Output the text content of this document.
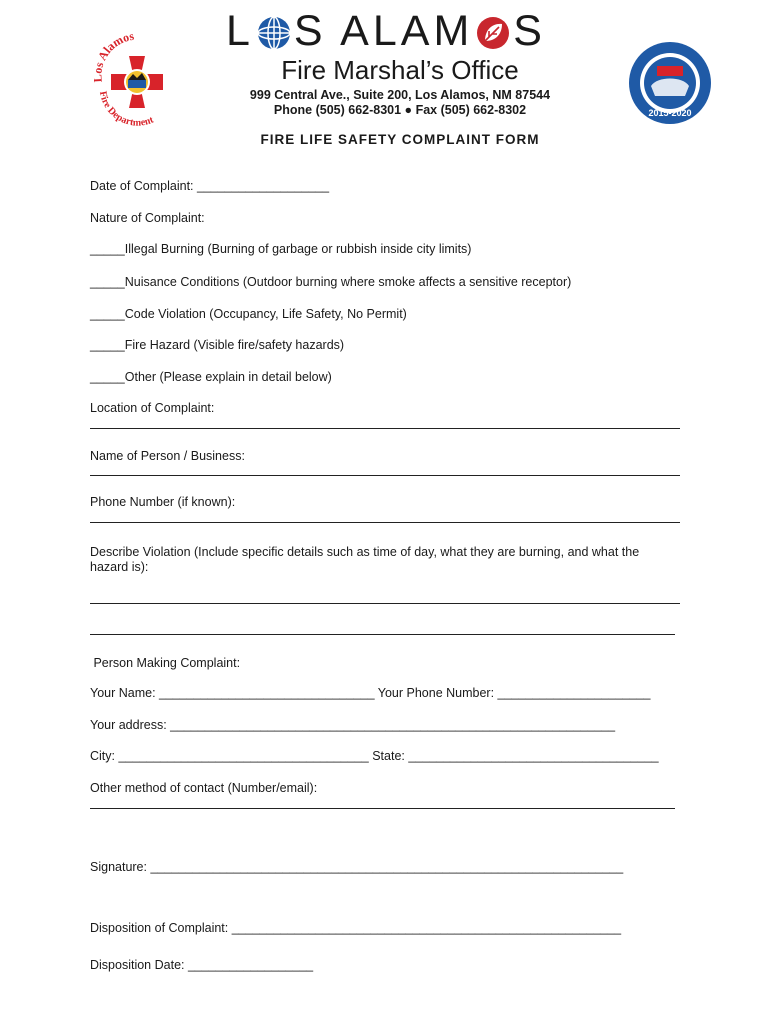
Alamos
Fire Department
L S ALAM S
Fire Marshal’s Office
999 Central Ave., Suite 200, Los Alamos, NM 87544
Phone (505) 662-8301 ● Fax (505) 662-8302	2015-2020
FIRE LIFE SAFETY COMPLAINT FORM
Date of Complaint: ___________________
Nature of Complaint:
_____Illegal Burning (Burning of garbage or rubbish inside city limits)
_____Nuisance Conditions (Outdoor burning where smoke affects a sensitive receptor)
_____Code Violation (Occupancy, Life Safety, No Permit)
_____Fire Hazard (Visible fire/safety hazards)
_____Other (Please explain in detail below)
Location of Complaint:
Name of Person / Business:
Phone Number (if known):
Describe Violation (Include specific details such as time of day, what they are burning, and what the
hazard is):
Person Making Complaint:
Your Name: _______________________________ Your Phone Number: ______________________
Your address: ________________________________________________________________
City: ____________________________________ State: ____________________________________
Other method of contact (Number/email):
Signature: ____________________________________________________________________
Disposition of Complaint: ________________________________________________________
Disposition Date: __________________
